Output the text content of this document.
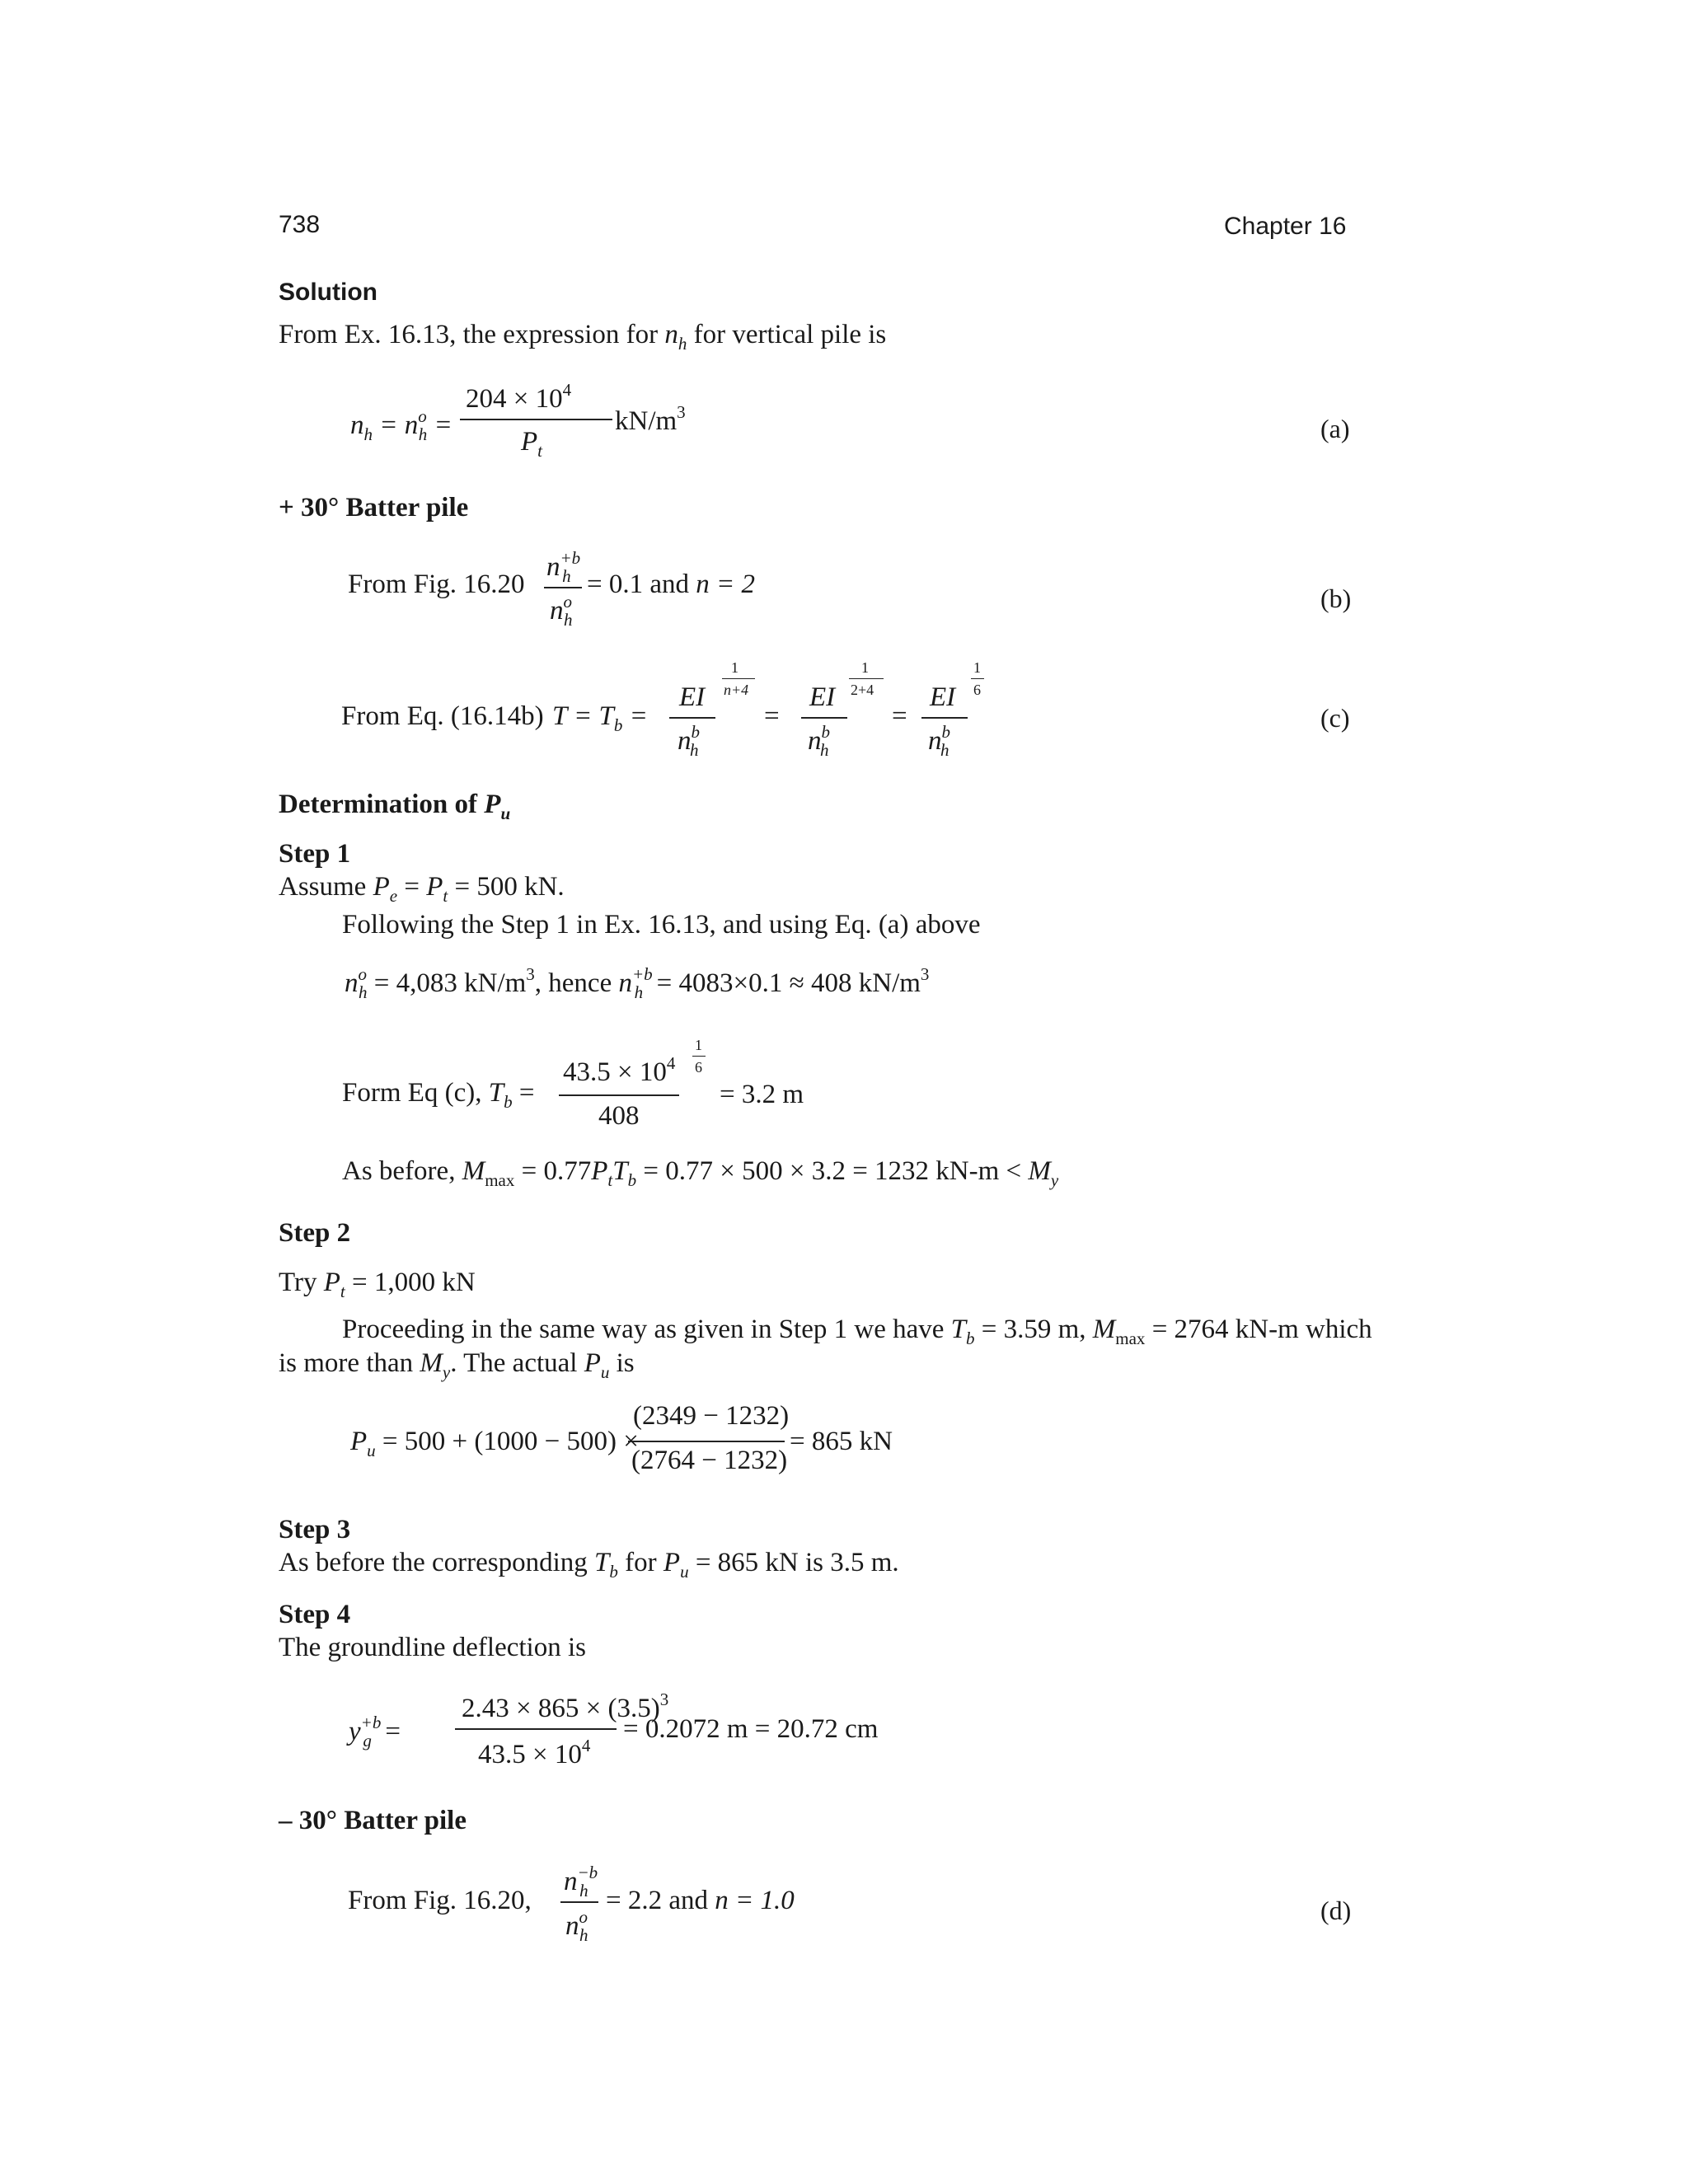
738	Chapter 16
Solution
From Ex. 16.13, the expression for $n_h$ for vertical pile is
$n_h = n^o_h$ =
$204 \times 10^4$
$P_t$
$kN/m^3$
(a)
+ 30° Batter pile
From Fig. 16.20
$n^{+b}_h$
$n^o_h$
= 0.1 and n = 2	(b)
From Eq. (16.14b) $T = T_b$ =
EI
$n^b_h$
1
n+4
=
EI
$n^b_h$
1
2+4
=
EI
$n^b_h$
1
6
(c)
Determination of $P_u$
Step 1
Assume $P_e = P_t = 500$ kN.
Following the Step 1 in Ex. 16.13, and using Eq. (a) above
$n^o_h = 4,083$ $kN/m^3$, hence $n^{+b}_h = 4083\times 0.1 \approx 408$ $kN/m^3$
Form Eq (c), $T_b$ =
$43.5 \times 10^4$
408
1
6
= 3.2 m
As before, $M_{max} = 0.77P_tT_b = 0.77 \times 500 \times 3.2 = 1232$ $kN-m < M_y$
Step 2
Try $P_t = 1,000$ kN
Proceeding in the same way as given in Step 1 we have $T_b = 3.59$ m, $M_{max} = 2764$ kN-m which
is more than $M_y$. The actual $P_u$ is
$P_u = 500 + (1000 - 500)$ ×
(2349 − 1232)
(2764 − 1232)
= 865 kN
Step 3
As before the corresponding $T_b$ for $P_u = 865$ kN is 3.5 m.
Step 4
The groundline deflection is
$y^{+b}_g$ =
$2.43 \times 865 \times (3.5)^3$
$43.5 \times 10^4$
= 0.2072 m = 20.72 cm
– 30° Batter pile
From Fig. 16.20,
$n^{-b}_h$
$n^o_h$
= 2.2 and n = 1.0	(d)
